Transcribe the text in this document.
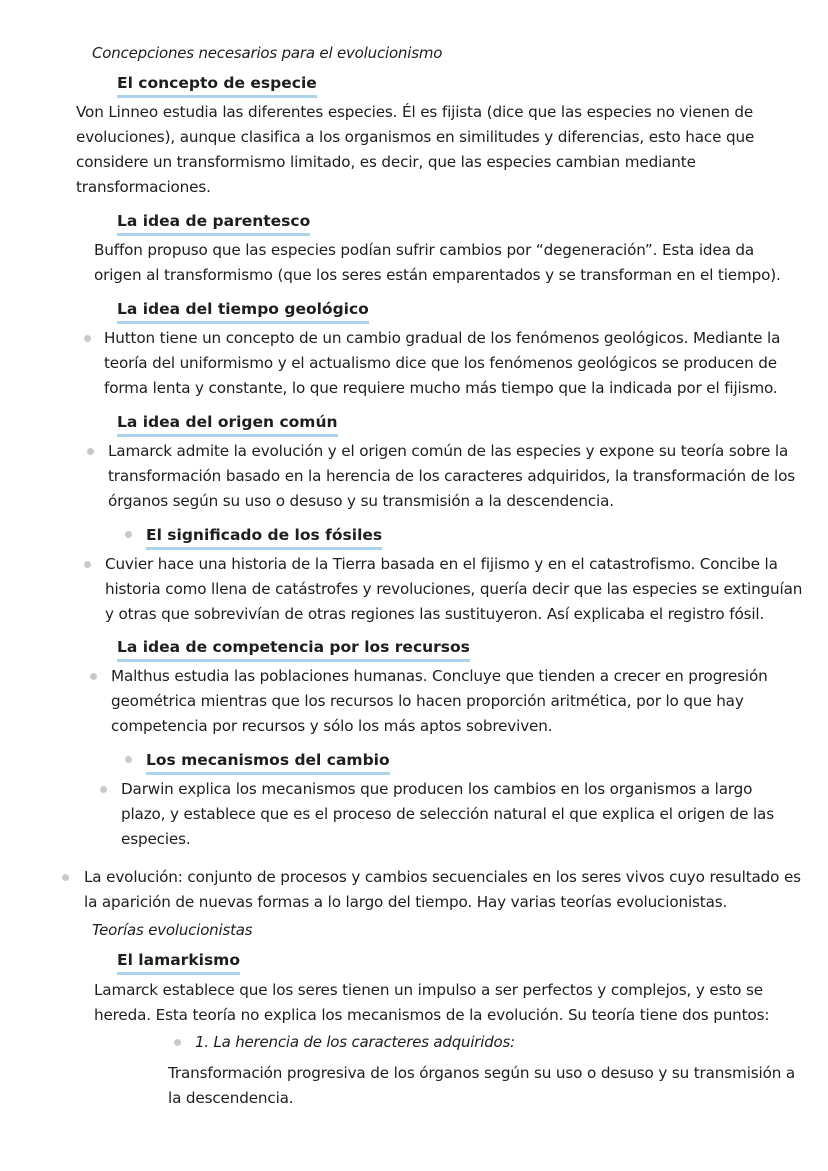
Concepciones necesarios para el evolucionismo
El concepto de especie
Von Linneo estudia las diferentes especies. Él es fijista (dice que las especies no vienen de
evoluciones), aunque clasifica a los organismos en similitudes y diferencias, esto hace que
considere un transformismo limitado, es decir, que las especies cambian mediante
transformaciones.
La idea de parentesco
Buffon propuso que las especies podían sufrir cambios por “degeneración”. Esta idea da
origen al transformismo (que los seres están emparentados y se transforman en el tiempo).
La idea del tiempo geológico
Hutton tiene un concepto de un cambio gradual de los fenómenos geológicos. Mediante la
teoría del uniformismo y el actualismo dice que los fenómenos geológicos se producen de
forma lenta y constante, lo que requiere mucho más tiempo que la indicada por el fijismo.
La idea del origen común
Lamarck admite la evolución y el origen común de las especies y expone su teoría sobre la
transformación basado en la herencia de los caracteres adquiridos, la transformación de los
órganos según su uso o desuso y su transmisión a la descendencia.
El significado de los fósiles
Cuvier hace una historia de la Tierra basada en el fijismo y en el catastrofismo. Concibe la
historia como llena de catástrofes y revoluciones, quería decir que las especies se extinguían
y otras que sobrevivían de otras regiones las sustituyeron. Así explicaba el registro fósil.
La idea de competencia por los recursos
Malthus estudia las poblaciones humanas. Concluye que tienden a crecer en progresión
geométrica mientras que los recursos lo hacen proporción aritmética, por lo que hay
competencia por recursos y sólo los más aptos sobreviven.
Los mecanismos del cambio
Darwin explica los mecanismos que producen los cambios en los organismos a largo
plazo, y establece que es el proceso de selección natural el que explica el origen de las
especies.
La evolución: conjunto de procesos y cambios secuenciales en los seres vivos cuyo resultado es
la aparición de nuevas formas a lo largo del tiempo. Hay varias teorías evolucionistas.
Teorías evolucionistas
El lamarkismo
Lamarck establece que los seres tienen un impulso a ser perfectos y complejos, y esto se
hereda. Esta teoría no explica los mecanismos de la evolución. Su teoría tiene dos puntos:
1. La herencia de los caracteres adquiridos:
Transformación progresiva de los órganos según su uso o desuso y su transmisión a
la descendencia.
